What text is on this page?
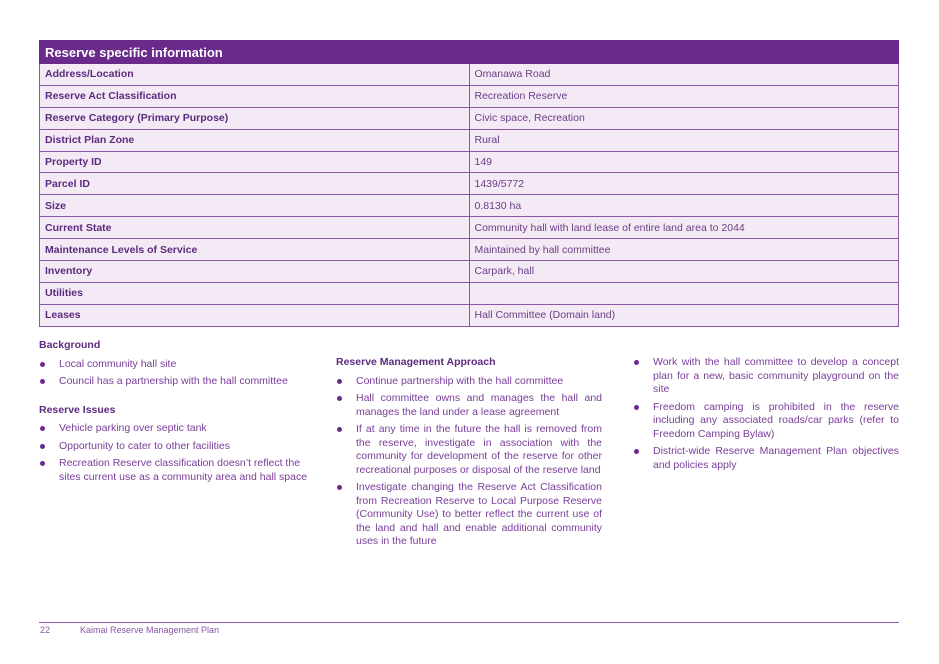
Reserve specific information	
Address/Location	Omanawa Road
Reserve Act Classification	Recreation Reserve
Reserve Category (Primary Purpose)	Civic space, Recreation
District Plan Zone	Rural
Property ID	149
Parcel ID	1439/5772
Size	0.8130 ha
Current State	Community hall with land lease of entire land area to 2044
Maintenance Levels of Service	Maintained by hall committee
Inventory	Carpark, hall
Utilities	
Leases	Hall Committee (Domain land)
Background
Local community hall site
Council has a partnership with the hall committee
Reserve Issues
Vehicle parking over septic tank
Opportunity to cater to other facilities
Recreation Reserve classification doesn’t reflect the sites current use as a community area and hall space
Reserve Management Approach
Continue partnership with the hall committee
Hall committee owns and manages the hall and manages the land under a lease agreement
If at any time in the future the hall is removed from the reserve, investigate in association with the community for development of the reserve for other recreational purposes or disposal of the reserve land
Investigate changing the Reserve Act Classification from Recreation Reserve to Local Purpose Reserve (Community Use) to better reflect the current use of the land and hall and enable additional community uses in the future
Work with the hall committee to develop a concept plan for a new, basic community playground on the site
Freedom camping is prohibited in the reserve including any associated roads/car parks (refer to Freedom Camping Bylaw)
District-wide Reserve Management Plan objectives and policies apply
22	Kaimai Reserve Management Plan
